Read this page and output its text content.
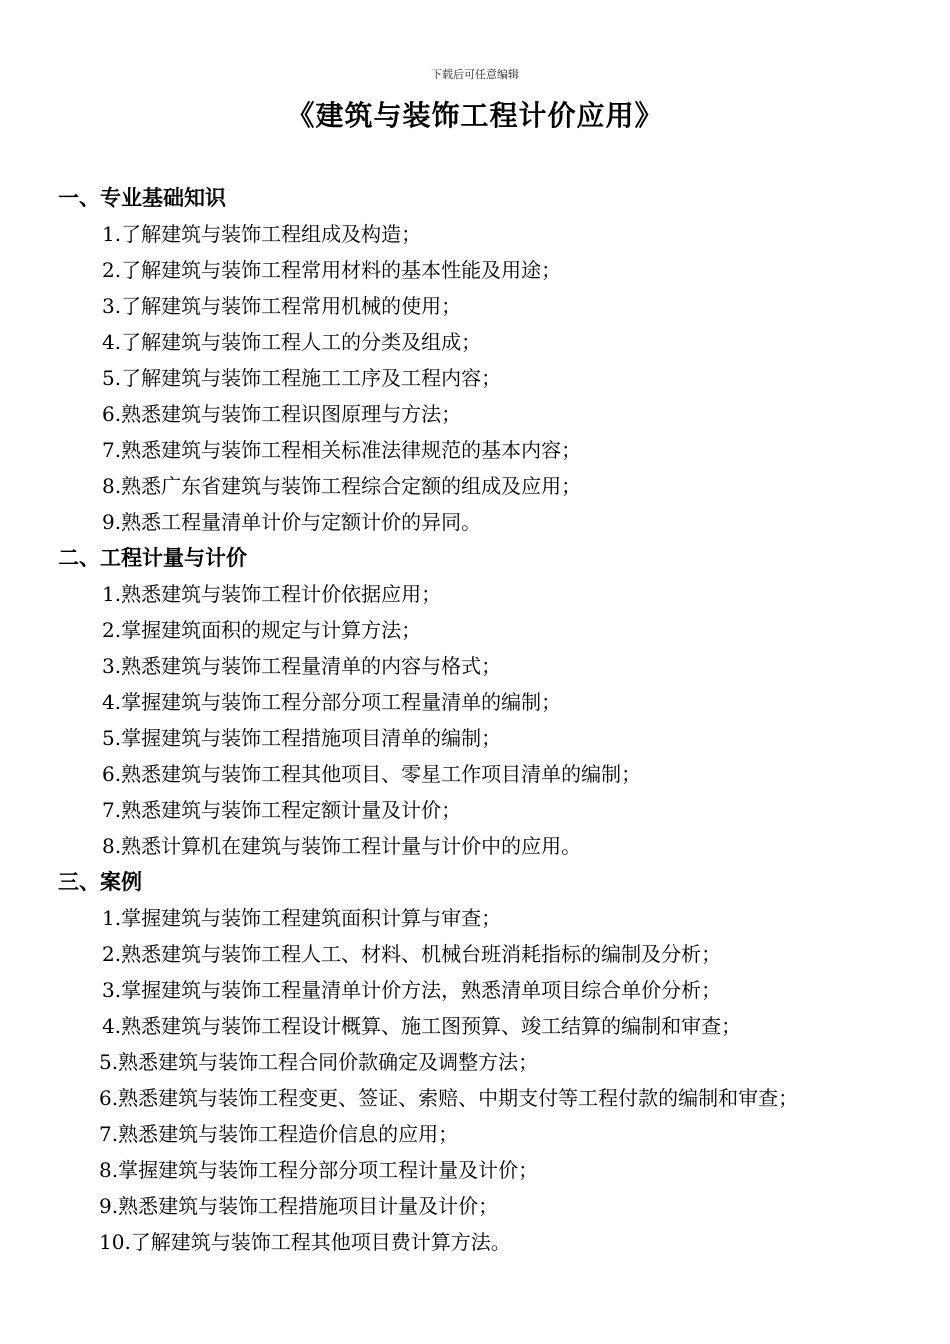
下载后可任意编辑
《建筑与装饰工程计价应用》
一、专业基础知识
1.了解建筑与装饰工程组成及构造；
2.了解建筑与装饰工程常用材料的基本性能及用途；
3.了解建筑与装饰工程常用机械的使用；
4.了解建筑与装饰工程人工的分类及组成；
5.了解建筑与装饰工程施工工序及工程内容；
6.熟悉建筑与装饰工程识图原理与方法；
7.熟悉建筑与装饰工程相关标准法律规范的基本内容；
8.熟悉广东省建筑与装饰工程综合定额的组成及应用；
9.熟悉工程量清单计价与定额计价的异同。
二、工程计量与计价
1.熟悉建筑与装饰工程计价依据应用；
2.掌握建筑面积的规定与计算方法；
3.熟悉建筑与装饰工程量清单的内容与格式；
4.掌握建筑与装饰工程分部分项工程量清单的编制；
5.掌握建筑与装饰工程措施项目清单的编制；
6.熟悉建筑与装饰工程其他项目、零星工作项目清单的编制；
7.熟悉建筑与装饰工程定额计量及计价；
8.熟悉计算机在建筑与装饰工程计量与计价中的应用。
三、案例
1.掌握建筑与装饰工程建筑面积计算与审查；
2.熟悉建筑与装饰工程人工、材料、机械台班消耗指标的编制及分析；
3.掌握建筑与装饰工程量清单计价方法，熟悉清单项目综合单价分析；
4.熟悉建筑与装饰工程设计概算、施工图预算、竣工结算的编制和审查；
5.熟悉建筑与装饰工程合同价款确定及调整方法；
6.熟悉建筑与装饰工程变更、签证、索赔、中期支付等工程付款的编制和审查；
7.熟悉建筑与装饰工程造价信息的应用；
8.掌握建筑与装饰工程分部分项工程计量及计价；
9.熟悉建筑与装饰工程措施项目计量及计价；
10.了解建筑与装饰工程其他项目费计算方法。
